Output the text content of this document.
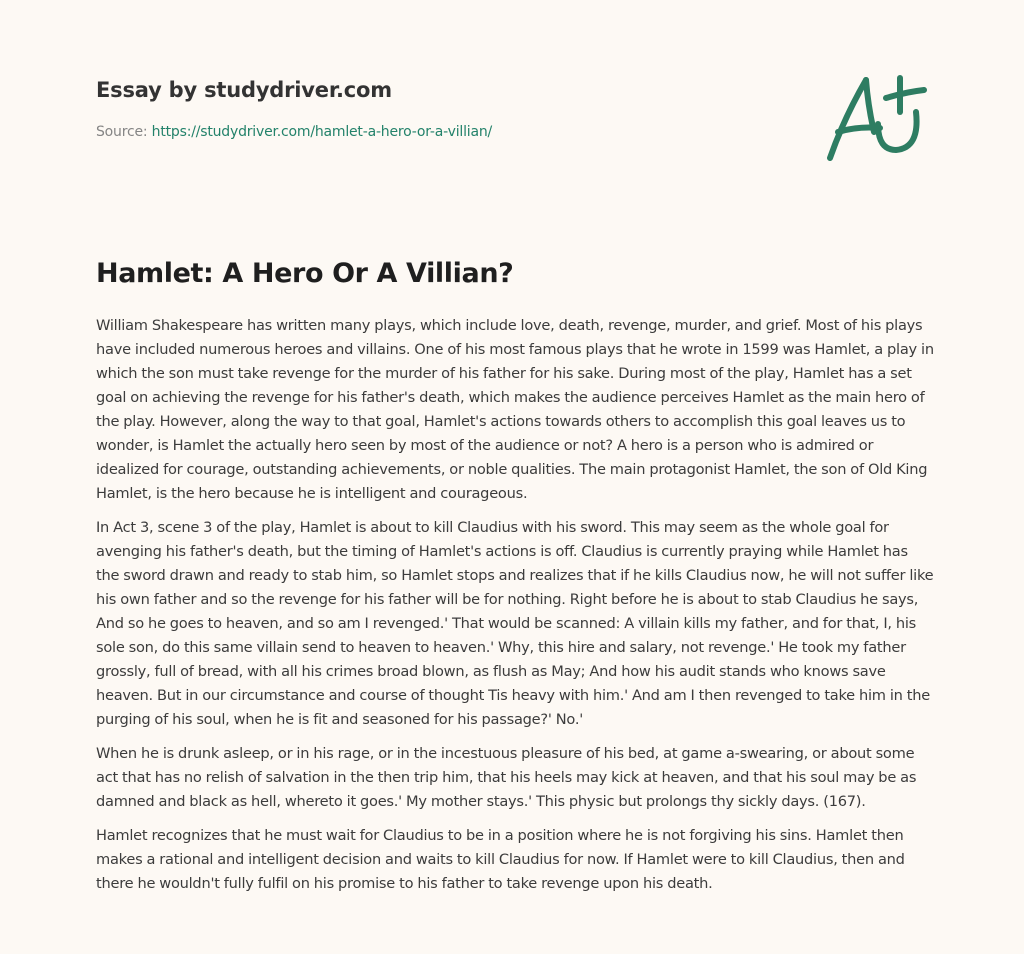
Essay by studydriver.com
Source: https://studydriver.com/hamlet-a-hero-or-a-villian/
Hamlet: A Hero Or A Villian?

William Shakespeare has written many plays, which include love, death, revenge, murder, and grief. Most of his plays have included numerous heroes and villains. One of his most famous plays that he wrote in 1599 was Hamlet, a play in which the son must take revenge for the murder of his father for his sake. During most of the play, Hamlet has a set goal on achieving the revenge for his father's death, which makes the audience perceives Hamlet as the main hero of the play. However, along the way to that goal, Hamlet's actions towards others to accomplish this goal leaves us to wonder, is Hamlet the actually hero seen by most of the audience or not? A hero is a person who is admired or idealized for courage, outstanding achievements, or noble qualities. The main protagonist Hamlet, the son of Old King Hamlet, is the hero because he is intelligent and courageous.

In Act 3, scene 3 of the play, Hamlet is about to kill Claudius with his sword. This may seem as the whole goal for avenging his father's death, but the timing of Hamlet's actions is off. Claudius is currently praying while Hamlet has the sword drawn and ready to stab him, so Hamlet stops and realizes that if he kills Claudius now, he will not suffer like his own father and so the revenge for his father will be for nothing. Right before he is about to stab Claudius he says, And so he goes to heaven, and so am I revenged.' That would be scanned: A villain kills my father, and for that, I, his sole son, do this same villain send to heaven to heaven.' Why, this hire and salary, not revenge.' He took my father grossly, full of bread, with all his crimes broad blown, as flush as May; And how his audit stands who knows save heaven. But in our circumstance and course of thought Tis heavy with him.' And am I then revenged to take him in the purging of his soul, when he is fit and seasoned for his passage?' No.'

When he is drunk asleep, or in his rage, or in the incestuous pleasure of his bed, at game a-swearing, or about some act that has no relish of salvation in the then trip him, that his heels may kick at heaven, and that his soul may be as damned and black as hell, whereto it goes.' My mother stays.' This physic but prolongs thy sickly days. (167).

Hamlet recognizes that he must wait for Claudius to be in a position where he is not forgiving his sins. Hamlet then makes a rational and intelligent decision and waits to kill Claudius for now. If Hamlet were to kill Claudius, then and there he wouldn't fully fulfil on his promise to his father to take revenge upon his death.
